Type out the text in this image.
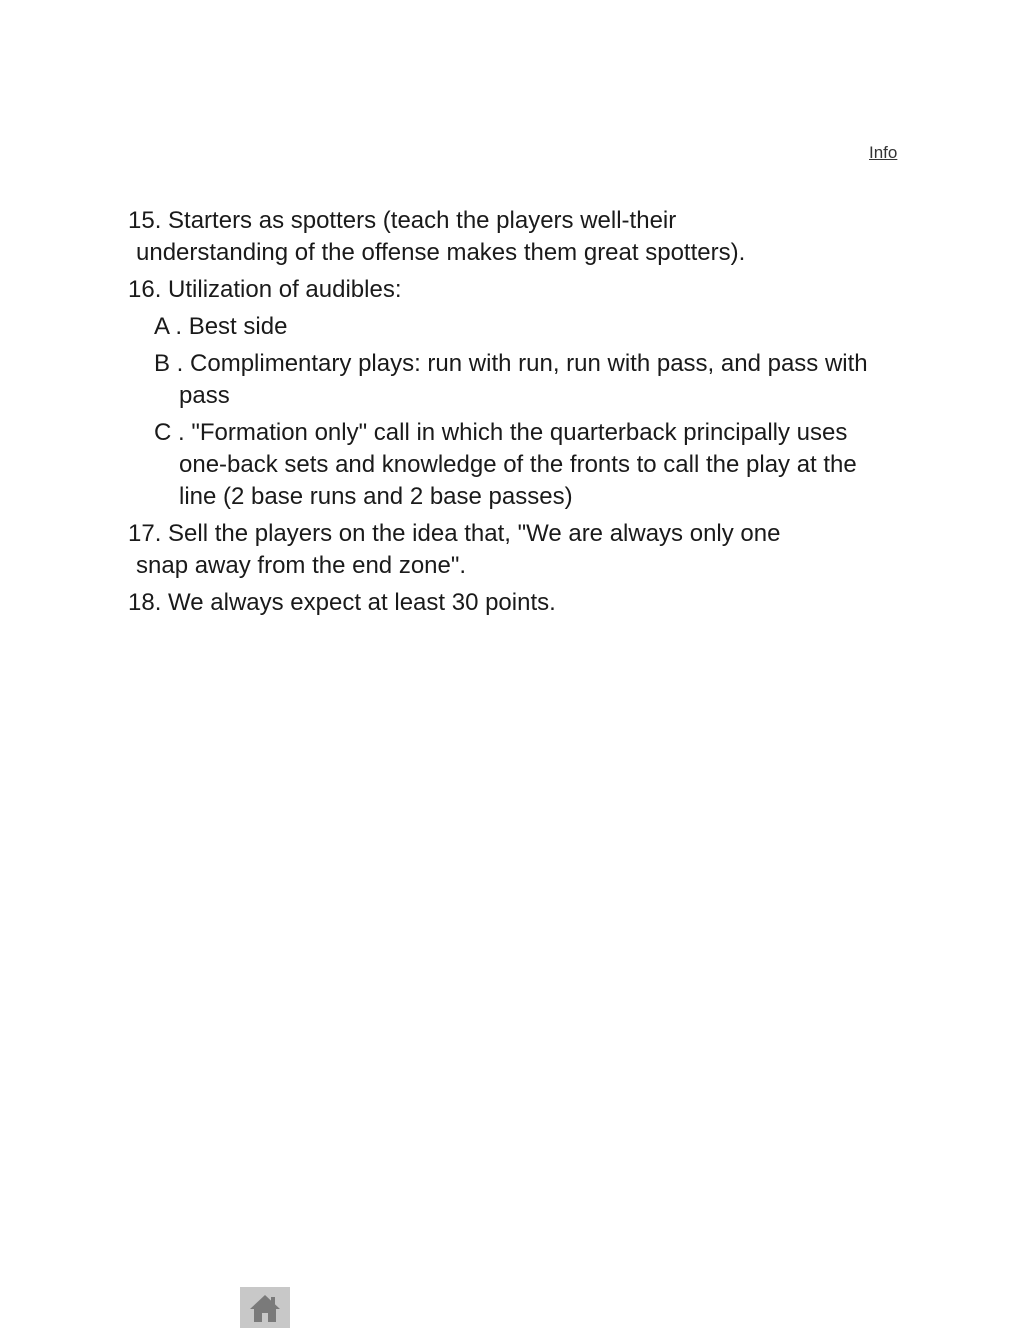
Info
15. Starters as spotters (teach the players well-their
understanding of the offense makes them great spotters).
16. Utilization of audibles:
A . Best side
B . Complimentary plays: run with run, run with pass, and pass with pass
C . "Formation only" call in which the quarterback principally uses one-back sets and knowledge of the fronts to call the play at the line (2 base runs and 2 base passes)
17. Sell the players on the idea that, "We are always only one
snap away from the end zone".
18. We always expect at least 30 points.
